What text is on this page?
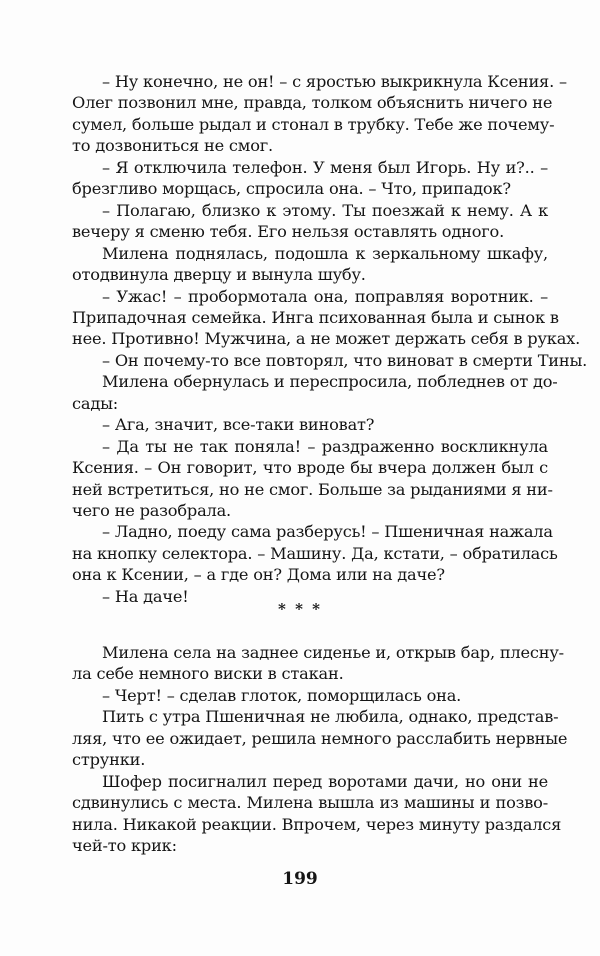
– Ну конечно, не он! – с яростью выкрикнула Ксения. –
Олег позвонил мне, правда, толком объяснить ничего не
сумел, больше рыдал и стонал в трубку. Тебе же почему-
то дозвониться не смог.
– Я отключила телефон. У меня был Игорь. Ну и?.. –
брезгливо морщась, спросила она. – Что, припадок?
– Полагаю, близко к этому. Ты поезжай к нему. А к
вечеру я сменю тебя. Его нельзя оставлять одного.
Милена поднялась, подошла к зеркальному шкафу,
отодвинула дверцу и вынула шубу.
– Ужас! – пробормотала она, поправляя воротник. –
Припадочная семейка. Инга психованная была и сынок в
нее. Противно! Мужчина, а не может держать себя в руках.
– Он почему-то все повторял, что виноват в смерти Тины.
Милена обернулась и переспросила, побледнев от до-
сады:
– Ага, значит, все-таки виноват?
– Да ты не так поняла! – раздраженно воскликнула
Ксения. – Он говорит, что вроде бы вчера должен был с
ней встретиться, но не смог. Больше за рыданиями я ни-
чего не разобрала.
– Ладно, поеду сама разберусь! – Пшеничная нажала
на кнопку селектора. – Машину. Да, кстати, – обратилась
она к Ксении, – а где он? Дома или на даче?
– На даче!
Милена села на заднее сиденье и, открыв бар, плесну-
ла себе немного виски в стакан.
– Черт! – сделав глоток, поморщилась она.
Пить с утра Пшеничная не любила, однако, представ-
ляя, что ее ожидает, решила немного расслабить нервные
струнки.
Шофер посигналил перед воротами дачи, но они не
сдвинулись с места. Милена вышла из машины и позво-
нила. Никакой реакции. Впрочем, через минуту раздался
чей-то крик:
* * *
199
